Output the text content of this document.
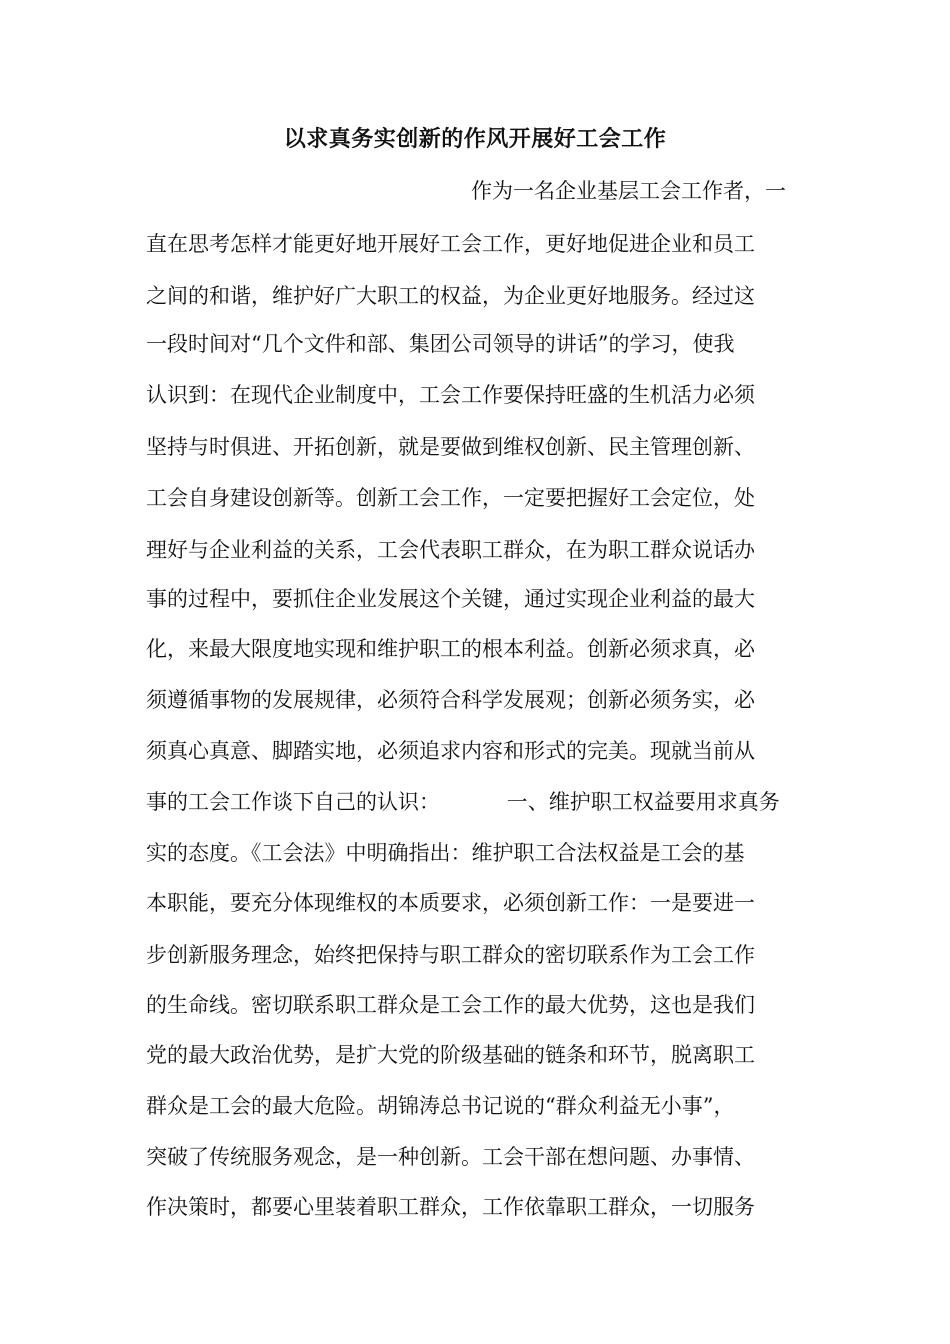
以求真务实创新的作风开展好工会工作
作为一名企业基层工会工作者，一
直在思考怎样才能更好地开展好工会工作，更好地促进企业和员工
之间的和谐，维护好广大职工的权益，为企业更好地服务。经过这
一段时间对“几个文件和部、集团公司领导的讲话”的学习，使我
认识到：在现代企业制度中，工会工作要保持旺盛的生机活力必须
坚持与时俱进、开拓创新，就是要做到维权创新、民主管理创新、
工会自身建设创新等。创新工会工作，一定要把握好工会定位，处
理好与企业利益的关系，工会代表职工群众，在为职工群众说话办
事的过程中，要抓住企业发展这个关键，通过实现企业利益的最大
化，来最大限度地实现和维护职工的根本利益。创新必须求真，必
须遵循事物的发展规律，必须符合科学发展观；创新必须务实，必
须真心真意、脚踏实地，必须追求内容和形式的完美。现就当前从
事的工会工作谈下自己的认识：          一、维护职工权益要用求真务
实的态度。《工会法》中明确指出：维护职工合法权益是工会的基
本职能，要充分体现维权的本质要求，必须创新工作：一是要进一
步创新服务理念，始终把保持与职工群众的密切联系作为工会工作
的生命线。密切联系职工群众是工会工作的最大优势，这也是我们
党的最大政治优势，是扩大党的阶级基础的链条和环节，脱离职工
群众是工会的最大危险。胡锦涛总书记说的“群众利益无小事”，
突破了传统服务观念，是一种创新。工会干部在想问题、办事情、
作决策时，都要心里装着职工群众，工作依靠职工群众，一切服务
